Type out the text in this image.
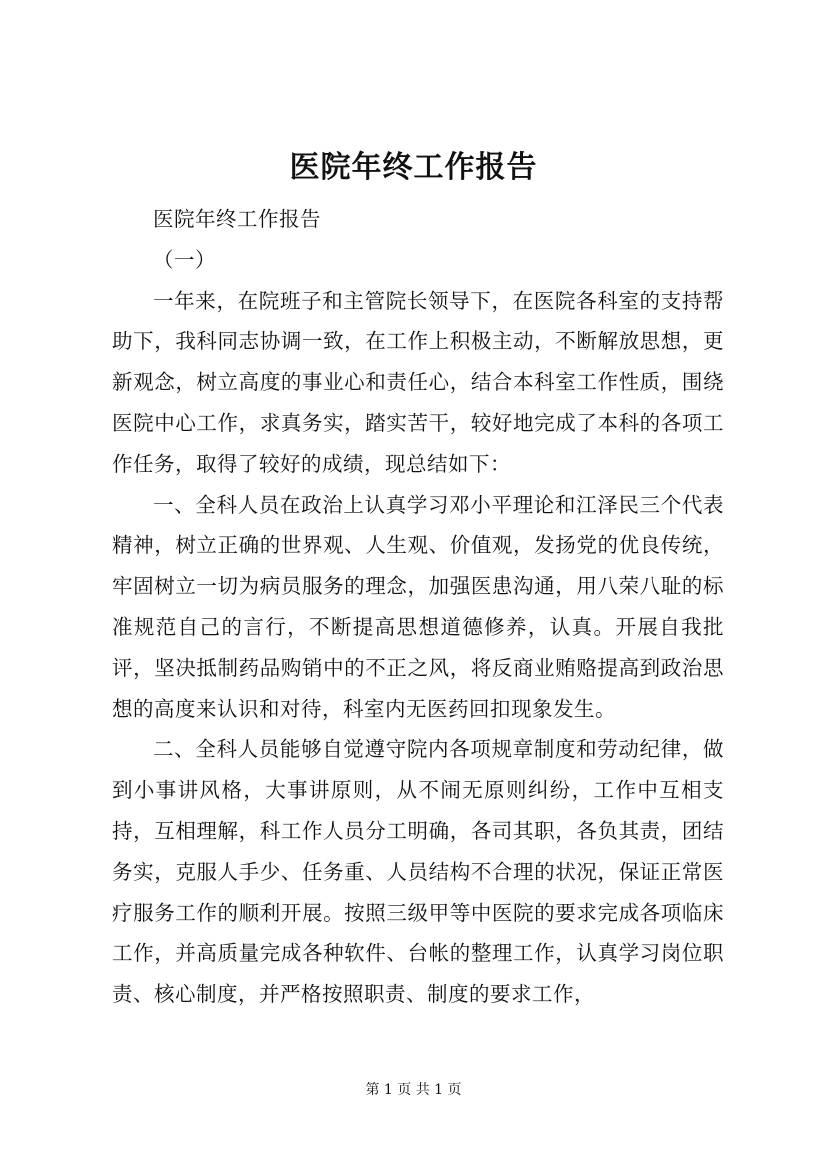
医院年终工作报告

医院年终工作报告

（一）

一年来，在院班子和主管院长领导下，在医院各科室的支持帮助下，我科同志协调一致，在工作上积极主动，不断解放思想，更新观念，树立高度的事业心和责任心，结合本科室工作性质，围绕医院中心工作，求真务实，踏实苦干，较好地完成了本科的各项工作任务，取得了较好的成绩，现总结如下：

一、全科人员在政治上认真学习邓小平理论和江泽民三个代表精神，树立正确的世界观、人生观、价值观，发扬党的优良传统，牢固树立一切为病员服务的理念，加强医患沟通，用八荣八耻的标准规范自己的言行，不断提高思想道德修养，认真。开展自我批评，坚决抵制药品购销中的不正之风，将反商业贿赂提高到政治思想的高度来认识和对待，科室内无医药回扣现象发生。

二、全科人员能够自觉遵守院内各项规章制度和劳动纪律，做到小事讲风格，大事讲原则，从不闹无原则纠纷，工作中互相支持，互相理解，科工作人员分工明确，各司其职，各负其责，团结务实，克服人手少、任务重、人员结构不合理的状况，保证正常医疗服务工作的顺利开展。按照三级甲等中医院的要求完成各项临床工作，并高质量完成各种软件、台帐的整理工作，认真学习岗位职责、核心制度，并严格按照职责、制度的要求工作，

第 1 页 共 1 页
